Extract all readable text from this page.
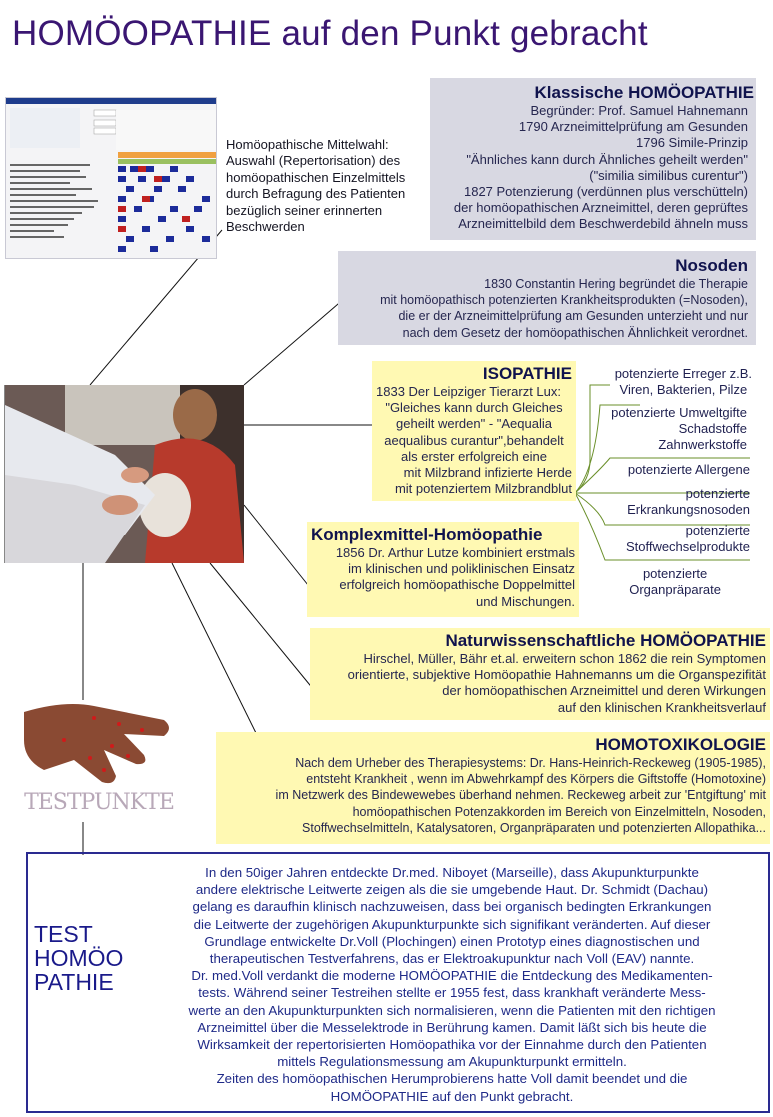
HOMÖOPATHIE auf den Punkt gebracht
Homöopathische Mittelwahl:
Auswahl (Repertorisation) des
homöopathischen Einzelmittels
durch Befragung des Patienten
bezüglich seiner erinnerten
Beschwerden
Klassische HOMÖOPATHIE
Begründer: Prof. Samuel Hahnemann
1790 Arzneimittelprüfung am Gesunden
1796 Simile-Prinzip
"Ähnliches kann durch Ähnliches geheilt werden"
("similia similibus curentur")
1827 Potenzierung (verdünnen plus verschütteln)
der homöopathischen Arzneimittel, deren geprüftes
Arzneimittelbild dem Beschwerdebild ähneln muss
Nosoden
1830 Constantin Hering begründet die Therapie
mit homöopathisch potenzierten Krankheitsprodukten (=Nosoden),
die er der Arzneimittelprüfung am Gesunden unterzieht und nur
nach dem Gesetz der homöopathischen Ähnlichkeit verordnet.
ISOPATHIE
1833 Der Leipziger Tierarzt Lux:
"Gleiches kann durch Gleiches
geheilt werden" - "Aequalia
aequalibus curantur",behandelt
als erster erfolgreich eine
mit Milzbrand infizierte Herde
mit potenziertem Milzbrandblut
potenzierte Erreger z.B.
Viren, Bakterien, Pilze
potenzierte Umweltgifte
Schadstoffe
Zahnwerkstoffe
potenzierte Allergene
potenzierte
Erkrankungsnosoden
potenzierte
Stoffwechselprodukte
potenzierte
Organpräparate
Komplexmittel-Homöopathie
1856 Dr. Arthur Lutze kombiniert erstmals
im klinischen und poliklinischen Einsatz
erfolgreich homöopathische Doppelmittel
und Mischungen.
Naturwissenschaftliche HOMÖOPATHIE
Hirschel, Müller, Bähr et.al. erweitern schon 1862 die rein Symptomen
orientierte, subjektive Homöopathie Hahnemanns um die Organspezifität
der homöopathischen Arzneimittel und deren Wirkungen
auf den klinischen Krankheitsverlauf
HOMOTOXIKOLOGIE
Nach dem Urheber des Therapiesystems: Dr. Hans-Heinrich-Reckeweg (1905-1985),
entsteht Krankheit , wenn im Abwehrkampf des Körpers die Giftstoffe (Homotoxine)
im Netzwerk des Bindewewebes überhand nehmen. Reckeweg arbeit zur 'Entgiftung' mit
homöopathischen Potenzakkorden im Bereich von Einzelmitteln, Nosoden,
Stoffwechselmitteln, Katalysatoren, Organpräparaten und potenzierten Allopathika...
TESTPUNKTE
TEST
HOMÖO
PATHIE
In den 50iger Jahren entdeckte Dr.med. Niboyet (Marseille), dass Akupunkturpunkte
andere elektrische Leitwerte zeigen als die sie umgebende Haut. Dr. Schmidt (Dachau)
gelang es daraufhin klinisch nachzuweisen, dass bei organisch bedingten Erkrankungen
die Leitwerte der zugehörigen Akupunkturpunkte sich signifikant veränderten. Auf dieser
Grundlage entwickelte Dr.Voll (Plochingen) einen Prototyp eines diagnostischen und
therapeutischen Testverfahrens, das er Elektroakupunktur nach Voll (EAV) nannte.
Dr. med.Voll verdankt die moderne HOMÖOPATHIE die Entdeckung des Medikamenten-
tests. Während seiner Testreihen stellte er 1955 fest, dass krankhaft veränderte Mess-
werte an den Akupunkturpunkten sich normalisieren, wenn die Patienten mit den richtigen
Arzneimittel über die Messelektrode in Berührung kamen. Damit läßt sich bis heute die
Wirksamkeit der repertorisierten Homöopathika vor der Einnahme durch den Patienten
mittels Regulationsmessung am Akupunkturpunkt ermitteln.
Zeiten des homöopathischen Herumprobierens hatte Voll damit beendet und die
HOMÖOPATHIE auf den Punkt gebracht.
